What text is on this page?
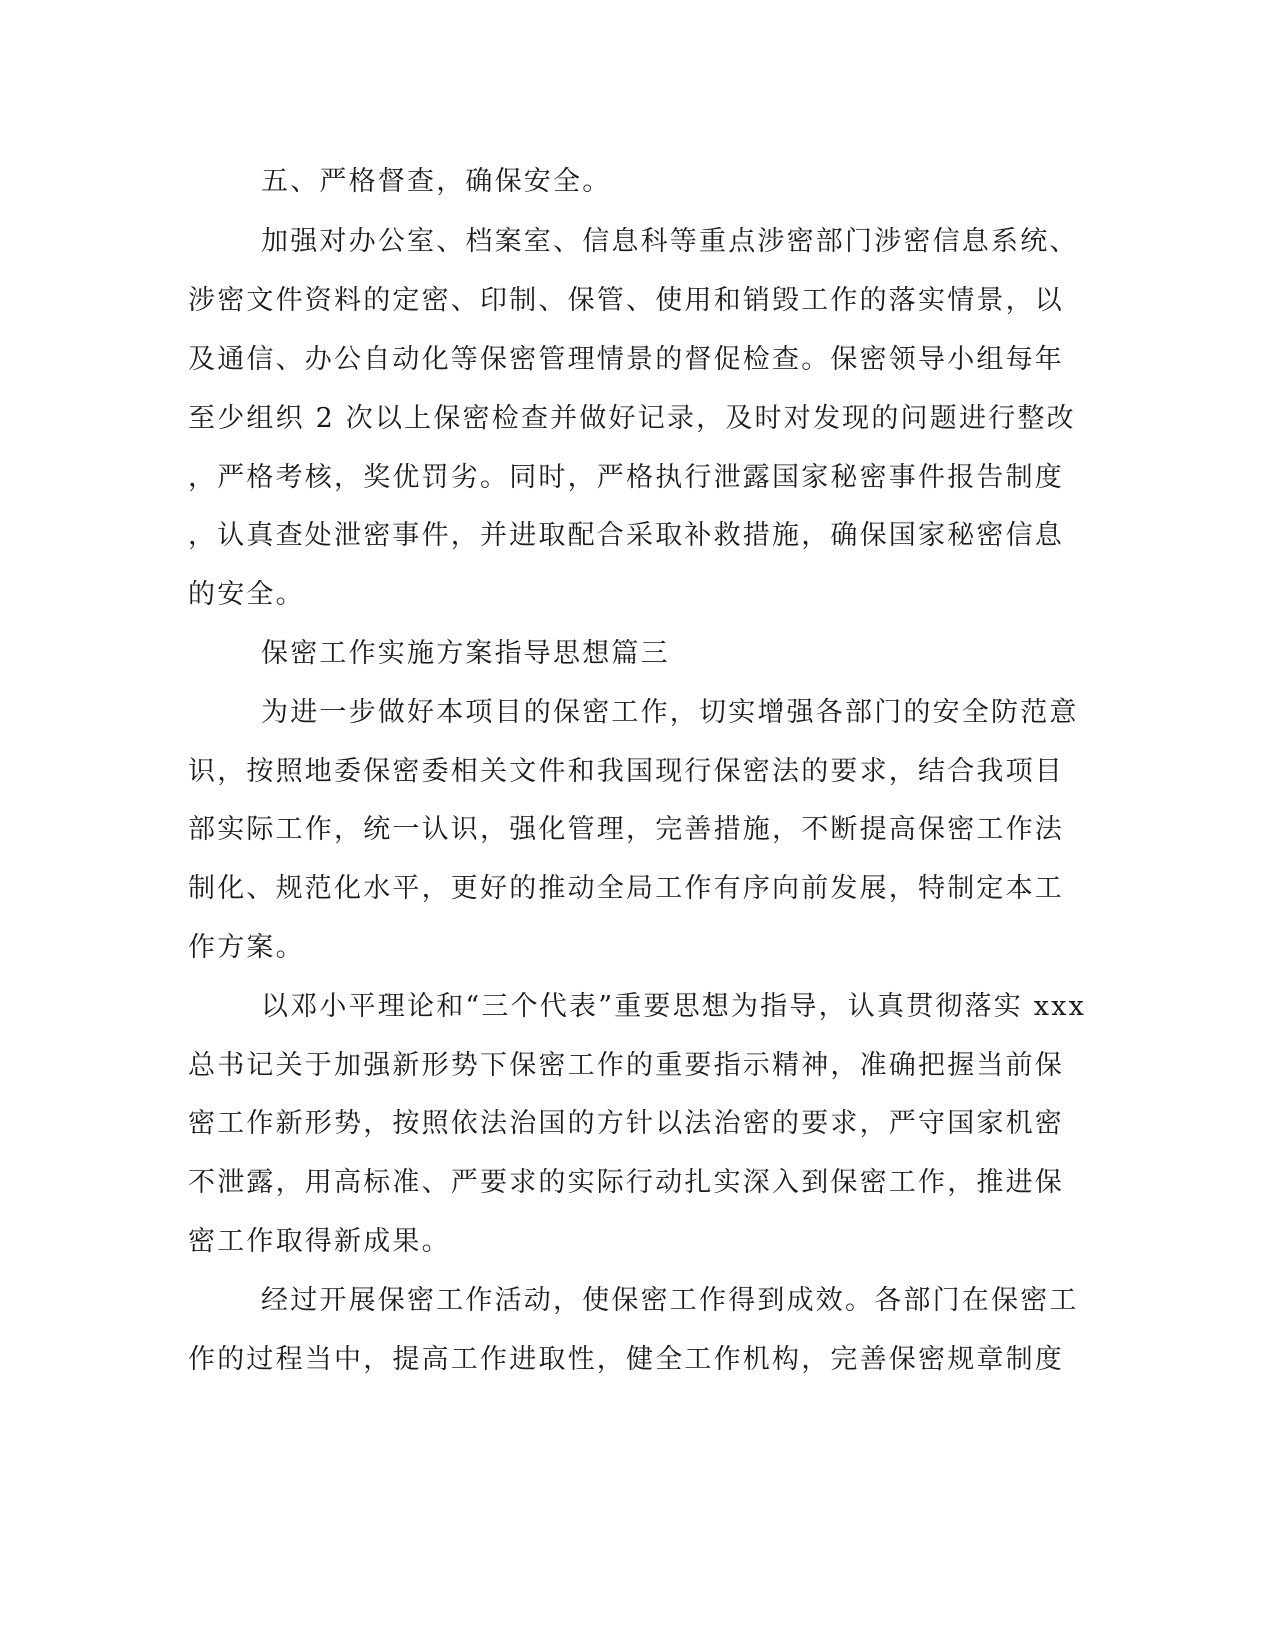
五、严格督查，确保安全。
加强对办公室、档案室、信息科等重点涉密部门涉密信息系统、
涉密文件资料的定密、印制、保管、使用和销毁工作的落实情景，以
及通信、办公自动化等保密管理情景的督促检查。保密领导小组每年
至少组织 2 次以上保密检查并做好记录，及时对发现的问题进行整改
，严格考核，奖优罚劣。同时，严格执行泄露国家秘密事件报告制度
，认真查处泄密事件，并进取配合采取补救措施，确保国家秘密信息
的安全。
保密工作实施方案指导思想篇三
为进一步做好本项目的保密工作，切实增强各部门的安全防范意
识，按照地委保密委相关文件和我国现行保密法的要求，结合我项目
部实际工作，统一认识，强化管理，完善措施，不断提高保密工作法
制化、规范化水平，更好的推动全局工作有序向前发展，特制定本工
作方案。
以邓小平理论和“三个代表”重要思想为指导，认真贯彻落实 xxx
总书记关于加强新形势下保密工作的重要指示精神，准确把握当前保
密工作新形势，按照依法治国的方针以法治密的要求，严守国家机密
不泄露，用高标准、严要求的实际行动扎实深入到保密工作，推进保
密工作取得新成果。
经过开展保密工作活动，使保密工作得到成效。各部门在保密工
作的过程当中，提高工作进取性，健全工作机构，完善保密规章制度
